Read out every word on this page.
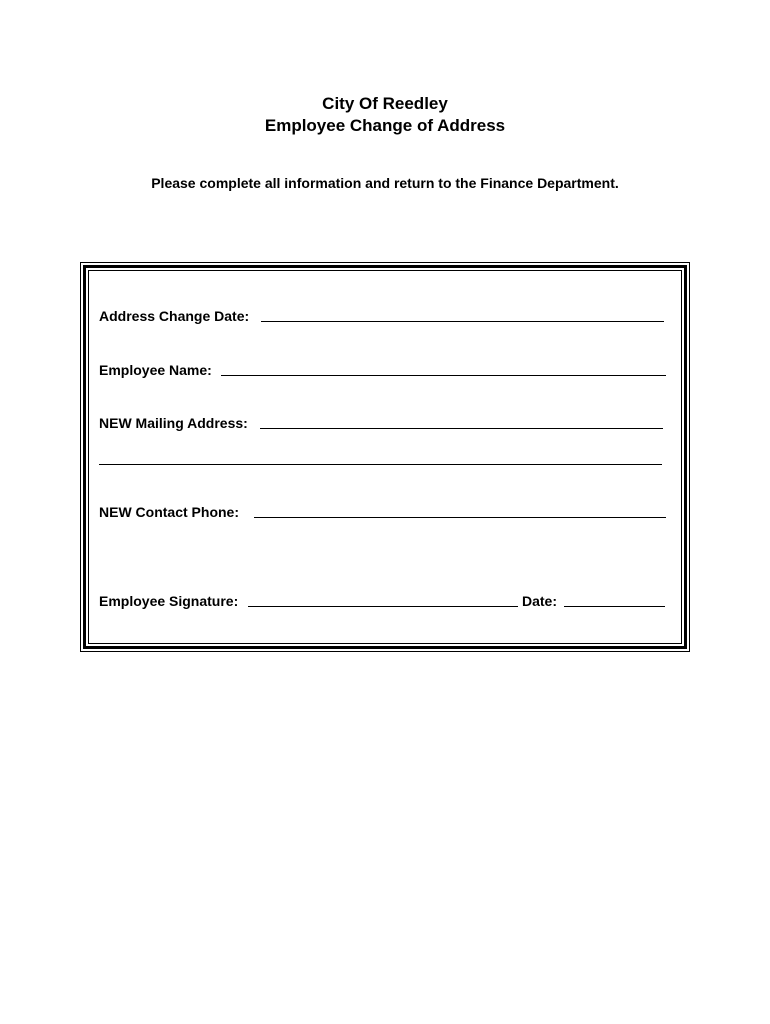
City Of Reedley
Employee Change of Address
Please complete all information and return to the Finance Department.
Address Change Date:
Employee Name:
NEW Mailing Address:
NEW Contact Phone:
Employee Signature:	Date:
